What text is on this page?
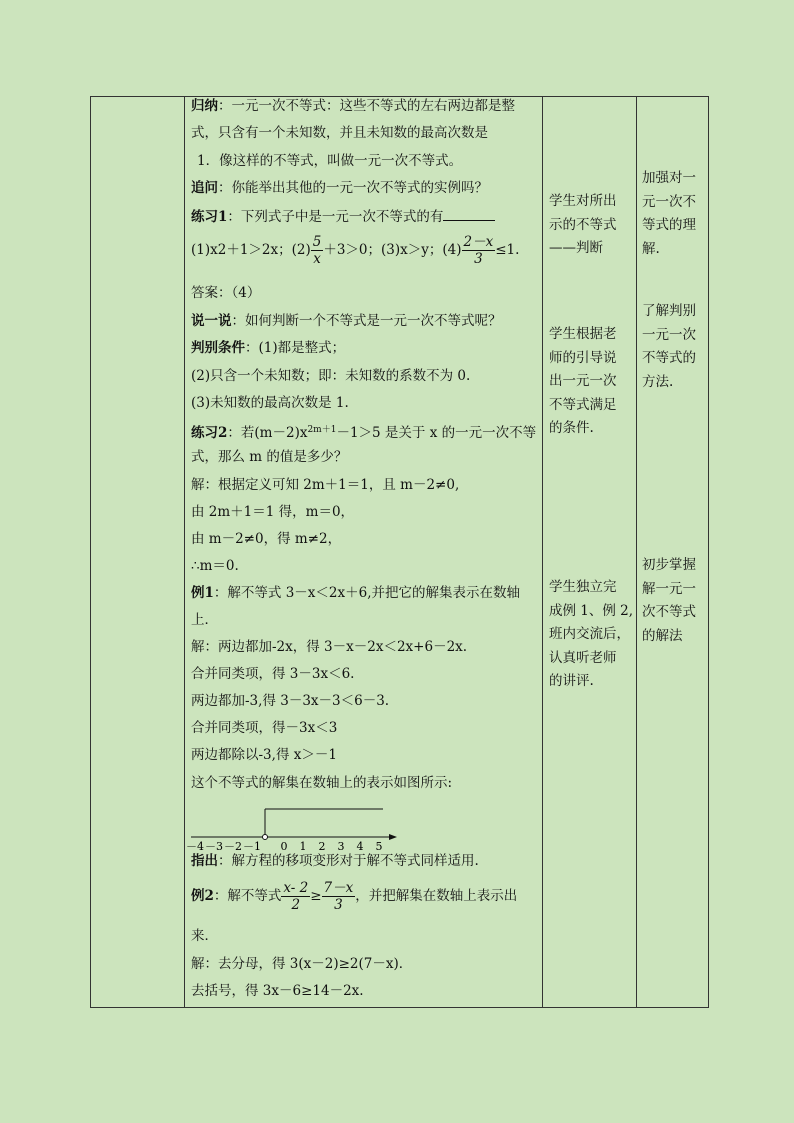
归纳：一元一次不等式：这些不等式的左右两边都是整
式，只含有一个未知数，并且未知数的最高次数是
1．像这样的不等式，叫做一元一次不等式。
追问：你能举出其他的一元一次不等式的实例吗？
练习1：下列式子中是一元一次不等式的有
(1)x2＋1＞2x；$(2) \frac{5}{x} +3>0$；(3)x＞y；$(4) \frac{2-x}{3} \le 1$.
答案：（4）
说一说：如何判断一个不等式是一元一次不等式呢？
判别条件：(1)都是整式；
(2)只含一个未知数；即：未知数的系数不为 0.
(3)未知数的最高次数是 1.
练习2：若$(m-2)x^{2m+1}-1>5$ 是关于 x 的一元一次不等
式，那么 m 的值是多少？
解：根据定义可知 2m＋1＝1，且 m－2≠0,
由 2m＋1＝1 得，m＝0，
由 m－2≠0，得 m≠2，
∴m＝0.
例1：解不等式 3－x＜2x＋6,并把它的解集表示在数轴
上．
解：两边都加-2x，得 3－x－2x＜2x+6－2x.
合并同类项，得 3－3x＜6.
两边都加-3,得 3－3x－3＜6－3.
合并同类项，得－3x＜3
两边都除以-3,得 x＞－1
这个不等式的解集在数轴上的表示如图所示:
－4 －3 －2 －1 0 1 2 3 4 5
指出：解方程的移项变形对于解不等式同样适用.
例2：解不等式 $\frac{x- 2}{2} \ge \frac{7-x}{3}$ ，并把解集在数轴上表示出
来．
解：去分母，得 3(x－2)≥2(7－x)．
去括号，得 3x－6≥14－2x.
学生对所出
示的不等式
——判断
学生根据老
师的引导说
出一元一次
不等式满足
的条件.
学生独立完
成例 1、例 2,
班内交流后，
认真听老师
的讲评.
加强对一
元一次不
等式的理
解.
了解判别
一元一次
不等式的
方法.
初步掌握
解一元一
次不等式
的解法
